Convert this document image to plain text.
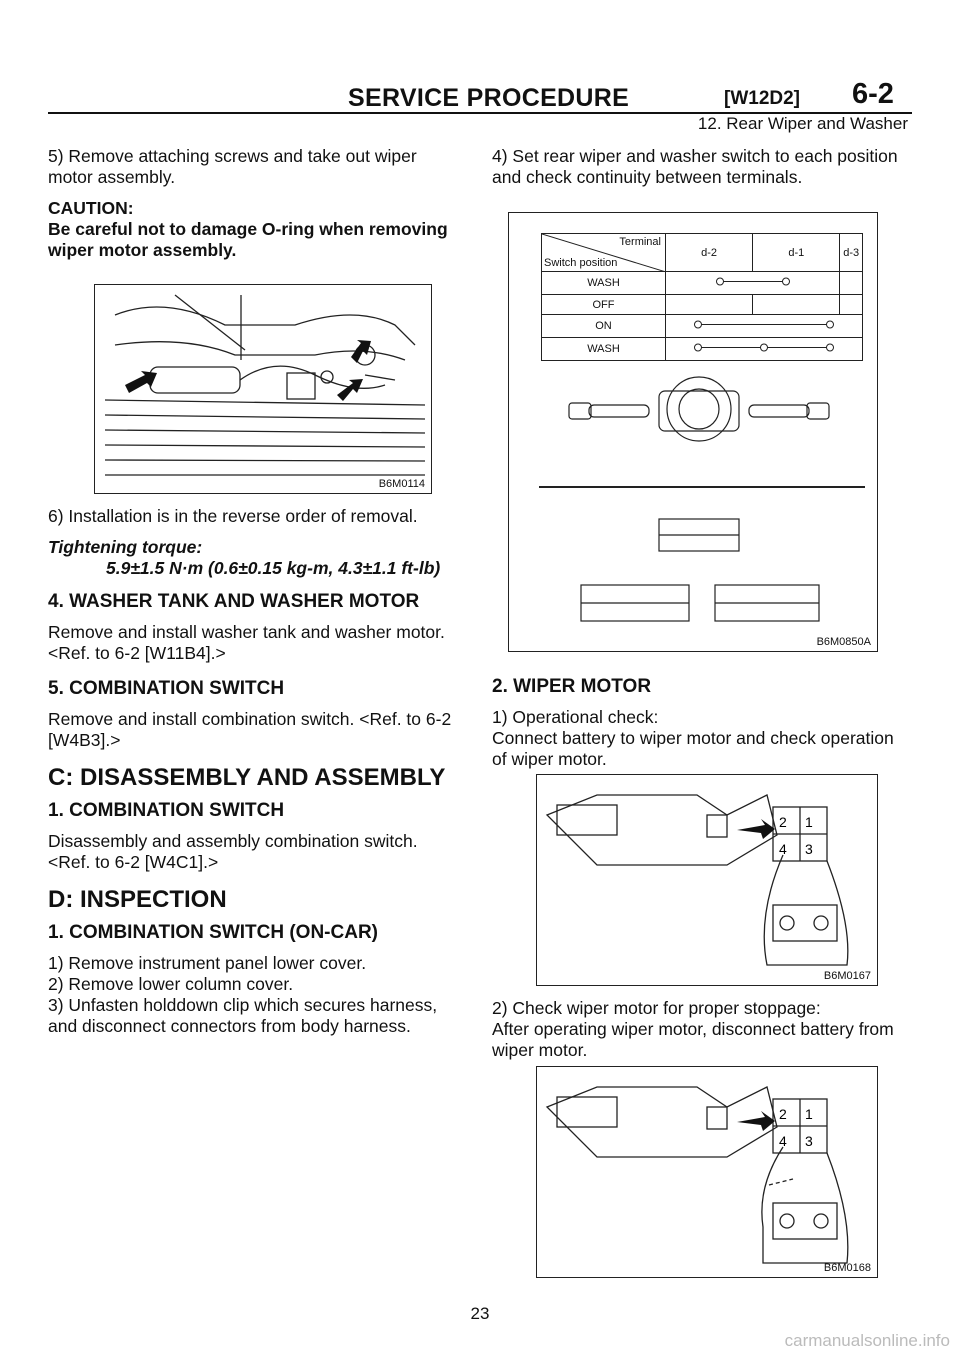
SERVICE PROCEDURE	[W12D2] 6-2
12. Rear Wiper and Washer

5) Remove attaching screws and take out wiper motor assembly.

CAUTION:

Be careful not to damage O-ring when removing wiper motor assembly.

B6M0114

6) Installation is in the reverse order of removal.

Tightening torque:

5.9±1.5 N·m (0.6±0.15 kg-m, 4.3±1.1 ft-lb)

4. WASHER TANK AND WASHER MOTOR

Remove and install washer tank and washer motor. <Ref. to 6-2 [W11B4].>

5. COMBINATION SWITCH

Remove and install combination switch. <Ref. to 6-2 [W4B3].>

C: DISASSEMBLY AND ASSEMBLY
1. COMBINATION SWITCH

Disassembly and assembly combination switch. <Ref. to 6-2 [W4C1].>

D: INSPECTION
1. COMBINATION SWITCH (ON-CAR)

1) Remove instrument panel lower cover.

2) Remove lower column cover.

3) Unfasten holddown clip which secures harness, and disconnect connectors from body harness.

4) Set rear wiper and washer switch to each position and check continuity between terminals.

Terminal
Switch position	d-2	d-1	d-3
WASH		
OFF			
ON	
WASH	
B6M0850A
2. WIPER MOTOR

1) Operational check:

Connect battery to wiper motor and check operation of wiper motor.

2 1
4 3
B6M0167

2) Check wiper motor for proper stoppage:

After operating wiper motor, disconnect battery from wiper motor.

2 1
4 3
B6M0168
23
carmanualsonline.info
